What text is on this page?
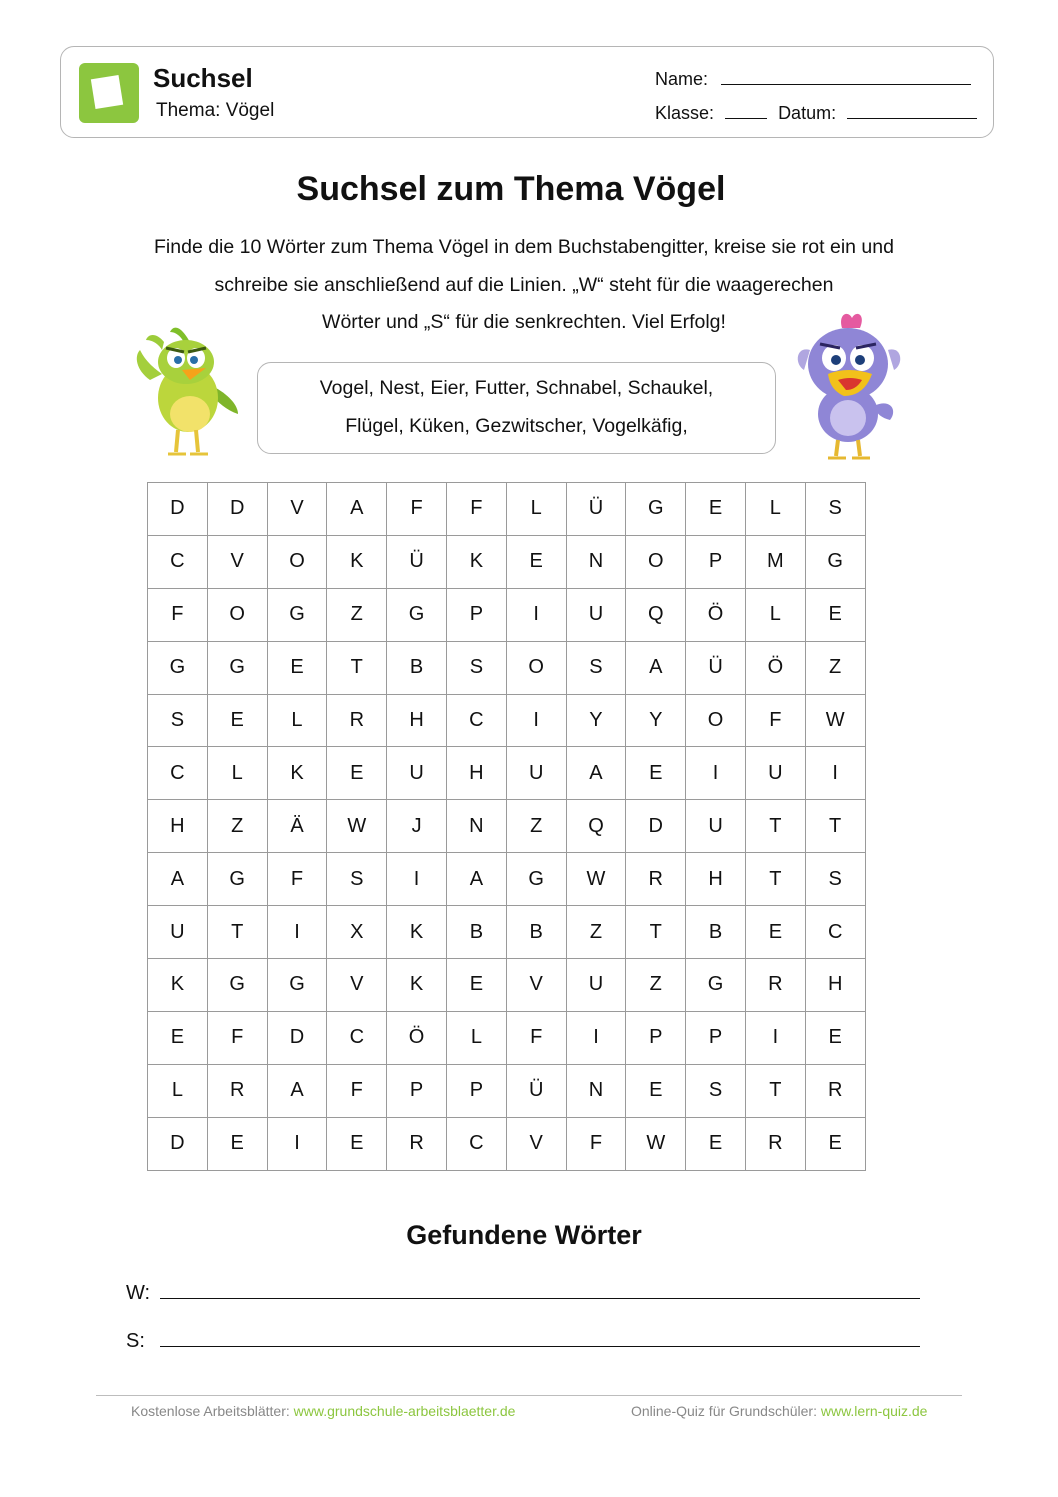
Suchsel
Thema: Vögel
Name:
Klasse:	Datum:
Suchsel zum Thema Vögel
Finde die 10 Wörter zum Thema Vögel in dem Buchstabengitter, kreise sie rot ein und
schreibe sie anschließend auf die Linien. „W“ steht für die waagerechen
Wörter und „S“ für die senkrechten. Viel Erfolg!
Vogel, Nest, Eier, Futter, Schnabel, Schaukel,
Flügel, Küken, Gezwitscher, Vogelkäfig,
D	D	V	A	F	F	L	Ü	G	E	L	S
C	V	O	K	Ü	K	E	N	O	P	M	G
F	O	G	Z	G	P	I	U	Q	Ö	L	E
G	G	E	T	B	S	O	S	A	Ü	Ö	Z
S	E	L	R	H	C	I	Y	Y	O	F	W
C	L	K	E	U	H	U	A	E	I	U	I
H	Z	Ä	W	J	N	Z	Q	D	U	T	T
A	G	F	S	I	A	G	W	R	H	T	S
U	T	I	X	K	B	B	Z	T	B	E	C
K	G	G	V	K	E	V	U	Z	G	R	H
E	F	D	C	Ö	L	F	I	P	P	I	E
L	R	A	F	P	P	Ü	N	E	S	T	R
D	E	I	E	R	C	V	F	W	E	R	E
Gefundene Wörter
W:
S:
Kostenlose Arbeitsblätter: www.grundschule-arbeitsblaetter.de	Online-Quiz für Grundschüler: www.lern-quiz.de
